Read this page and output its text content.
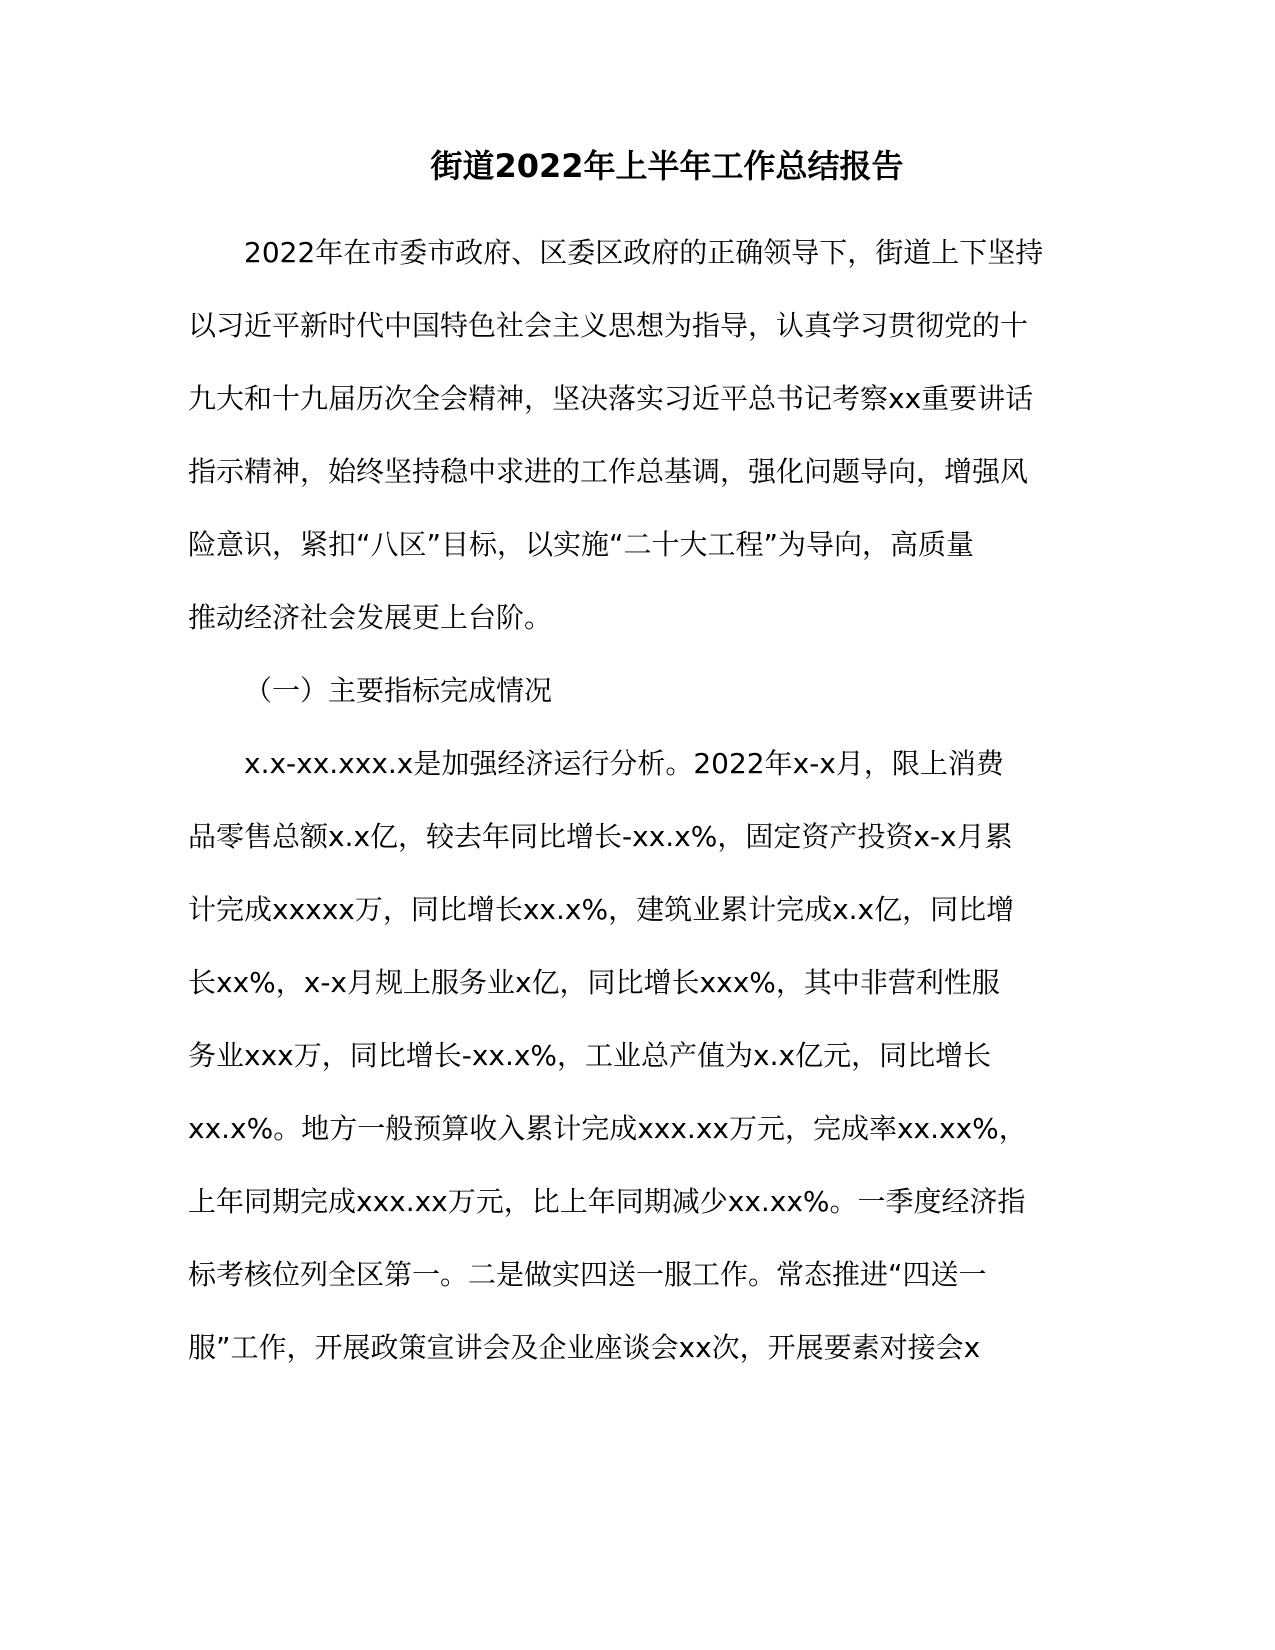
街道2022年上半年工作总结报告
2022年在市委市政府、区委区政府的正确领导下，街道上下坚持
以习近平新时代中国特色社会主义思想为指导，认真学习贯彻党的十
九大和十九届历次全会精神，坚决落实习近平总书记考察xx重要讲话
指示精神，始终坚持稳中求进的工作总基调，强化问题导向，增强风
险意识，紧扣“八区”目标，以实施“二十大工程”为导向，高质量
推动经济社会发展更上台阶。
（一）主要指标完成情况
x.x-xx.xxx.x是加强经济运行分析。2022年x-x月，限上消费
品零售总额x.x亿，较去年同比增长-xx.x%，固定资产投资x-x月累
计完成xxxxx万，同比增长xx.x%，建筑业累计完成x.x亿，同比增
长xx%，x-x月规上服务业x亿，同比增长xxx%，其中非营利性服
务业xxx万，同比增长-xx.x%，工业总产值为x.x亿元，同比增长
xx.x%。地方一般预算收入累计完成xxx.xx万元，完成率xx.xx%，
上年同期完成xxx.xx万元，比上年同期减少xx.xx%。一季度经济指
标考核位列全区第一。二是做实四送一服工作。常态推进“四送一
服”工作，开展政策宣讲会及企业座谈会xx次，开展要素对接会x
